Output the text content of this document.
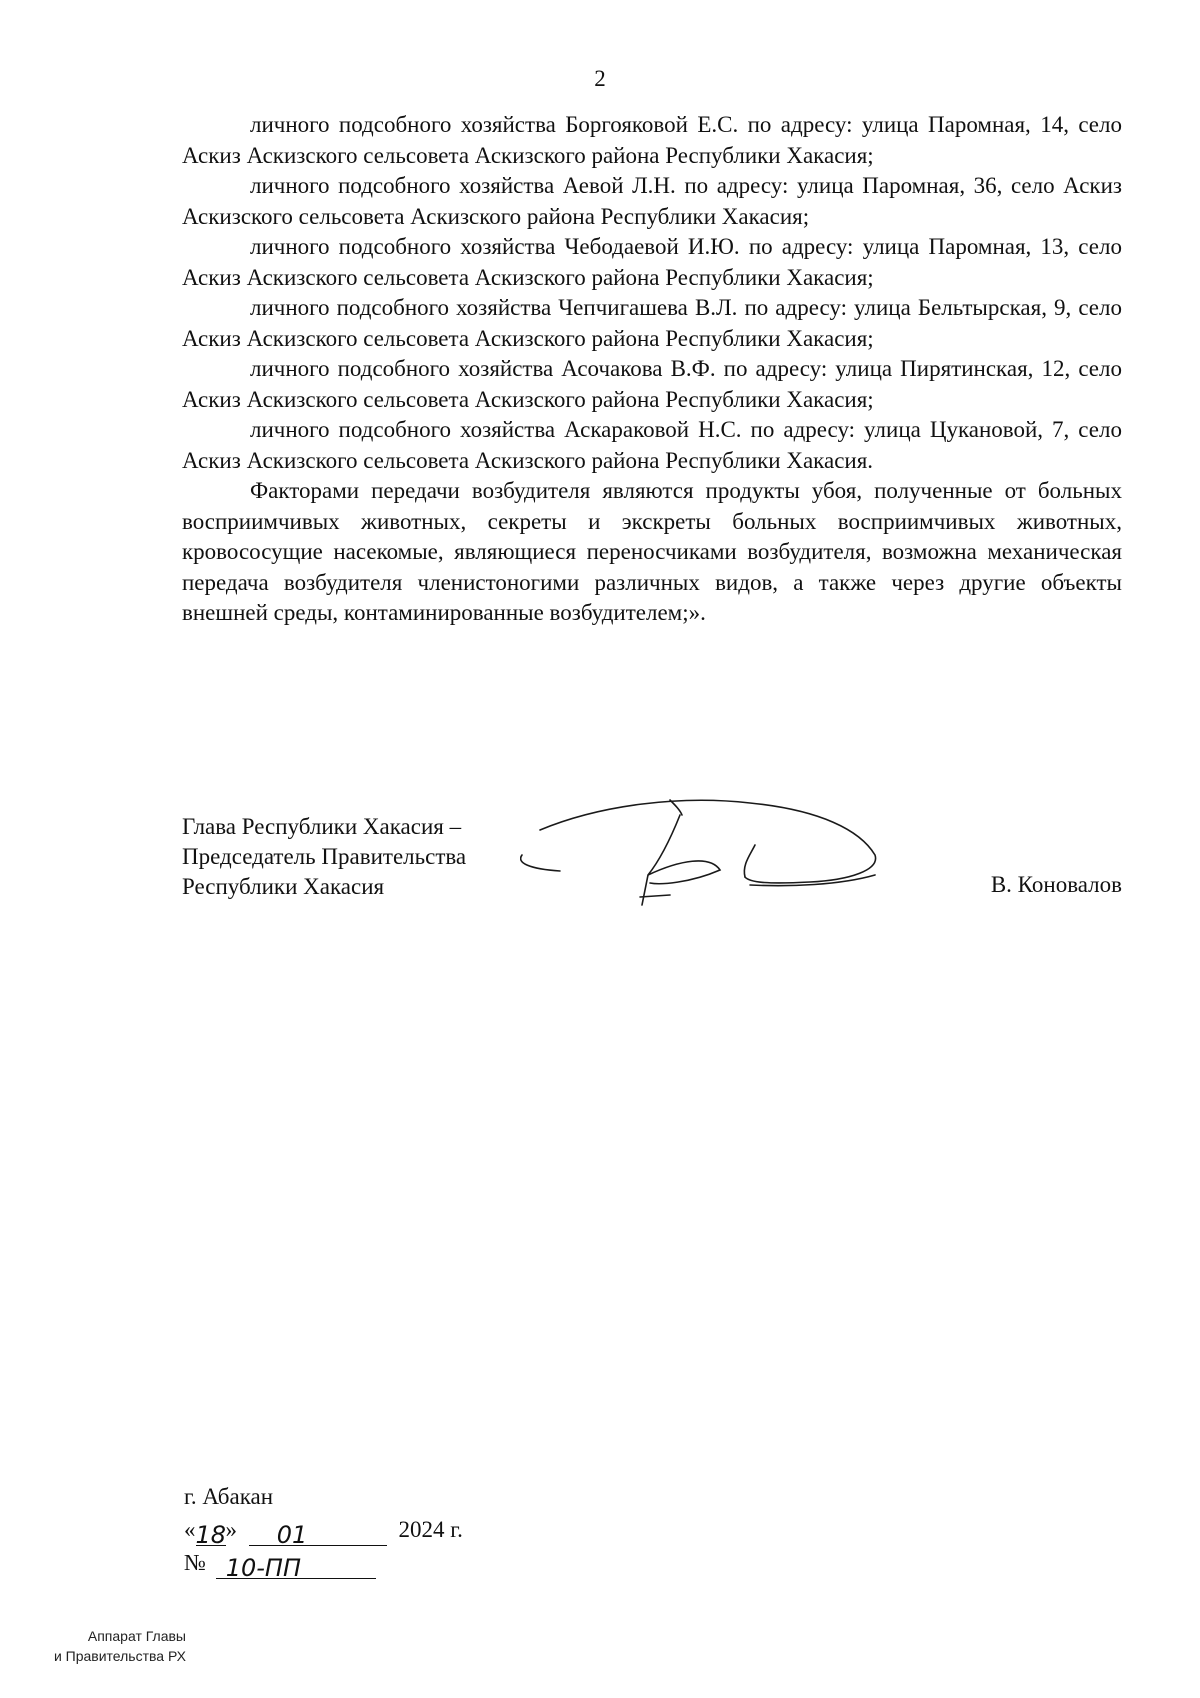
2

личного подсобного хозяйства Боргояковой Е.С. по адресу: улица Паромная, 14, село Аскиз Аскизского сельсовета Аскизского района Республики Хакасия;

личного подсобного хозяйства Аевой Л.Н. по адресу: улица Паромная, 36, село Аскиз Аскизского сельсовета Аскизского района Республики Хакасия;

личного подсобного хозяйства Чебодаевой И.Ю. по адресу: улица Паромная, 13, село Аскиз Аскизского сельсовета Аскизского района Республики Хакасия;

личного подсобного хозяйства Чепчигашева В.Л. по адресу: улица Бельтырская, 9, село Аскиз Аскизского сельсовета Аскизского района Республики Хакасия;

личного подсобного хозяйства Асочакова В.Ф. по адресу: улица Пирятинская, 12, село Аскиз Аскизского сельсовета Аскизского района Республики Хакасия;

личного подсобного хозяйства Аскараковой Н.С. по адресу: улица Цукановой, 7, село Аскиз Аскизского сельсовета Аскизского района Республики Хакасия.

Факторами передачи возбудителя являются продукты убоя, полученные от больных восприимчивых животных, секреты и экскреты больных восприимчивых животных, кровососущие насекомые, являющиеся переносчиками возбудителя, возможна механическая передача возбудителя членистоногими различных видов, а также через другие объекты внешней среды, контаминированные возбудителем;».

Глава Республики Хакасия –
Председатель Правительства
Республики Хакасия	В. Коновалов
г. Абакан
«18» 01	2024 г.
№ 10-ПП
Аппарат Главы
и Правительства РХ
